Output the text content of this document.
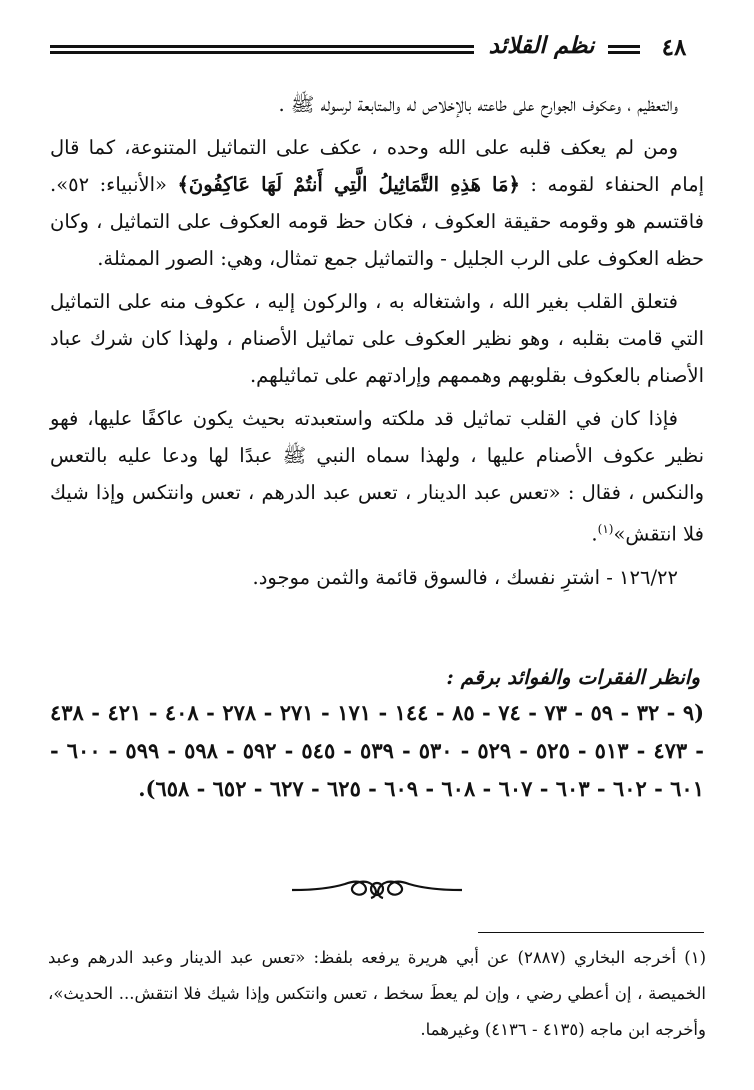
٤٨
نظم القلائد

والتعظيم ، وعكوف الجوارح على طاعته بالإخلاص له والمتابعة لرسوله ﷺ .

ومن لم يعكف قلبه على الله وحده ، عكف على التماثيل المتنوعة، كما قال إمام الحنفاء لقومه : ﴿مَا هَذِهِ التَّمَاثِيلُ الَّتِي أَنتُمْ لَهَا عَاكِفُونَ﴾ «الأنبياء: ٥٢». فاقتسم هو وقومه حقيقة العكوف ، فكان حظ قومه العكوف على التماثيل ، وكان حظه العكوف على الرب الجليل - والتماثيل جمع تمثال، وهي: الصور الممثلة.

فتعلق القلب بغير الله ، واشتغاله به ، والركون إليه ، عكوف منه على التماثيل التي قامت بقلبه ، وهو نظير العكوف على تماثيل الأصنام ، ولهذا كان شرك عباد الأصنام بالعكوف بقلوبهم وهممهم وإرادتهم على تماثيلهم.

فإذا كان في القلب تماثيل قد ملكته واستعبدته بحيث يكون عاكفًا عليها، فهو نظير عكوف الأصنام عليها ، ولهذا سماه النبي ﷺ عبدًا لها ودعا عليه بالتعس والنكس ، فقال : «تعس عبد الدينار ، تعس عبد الدرهم ، تعس وانتكس وإذا شيك فلا انتقش»$^{(١)}$.

١٢٦/٢٢ - اشترِ نفسك ، فالسوق قائمة والثمن موجود.

وانظر الفقرات والفوائد برقم :
(٩ - ٣٢ - ٥٩ - ٧٣ - ٧٤ - ٨٥ - ١٤٤ - ١٧١ - ٢٧١ - ٢٧٨ - ٤٠٨ - ٤٢١ - ٤٣٨ - ٤٧٣ - ٥١٣ - ٥٢٥ - ٥٢٩ - ٥٣٠ - ٥٣٩ - ٥٤٥ - ٥٩٢ - ٥٩٨ - ٥٩٩ - ٦٠٠ - ٦٠١ - ٦٠٢ - ٦٠٣ - ٦٠٧ - ٦٠٨ - ٦٠٩ - ٦٢٥ - ٦٢٧ - ٦٥٢ - ٦٥٨).
(١) أخرجه البخاري (٢٨٨٧) عن أبي هريرة يرفعه بلفظ: «تعس عبد الدينار وعبد الدرهم وعبد الخميصة ، إن أعطي رضي ، وإن لم يعطَ سخط ، تعس وانتكس وإذا شيك فلا انتقش... الحديث»، وأخرجه ابن ماجه (٤١٣٥ - ٤١٣٦) وغيرهما.
